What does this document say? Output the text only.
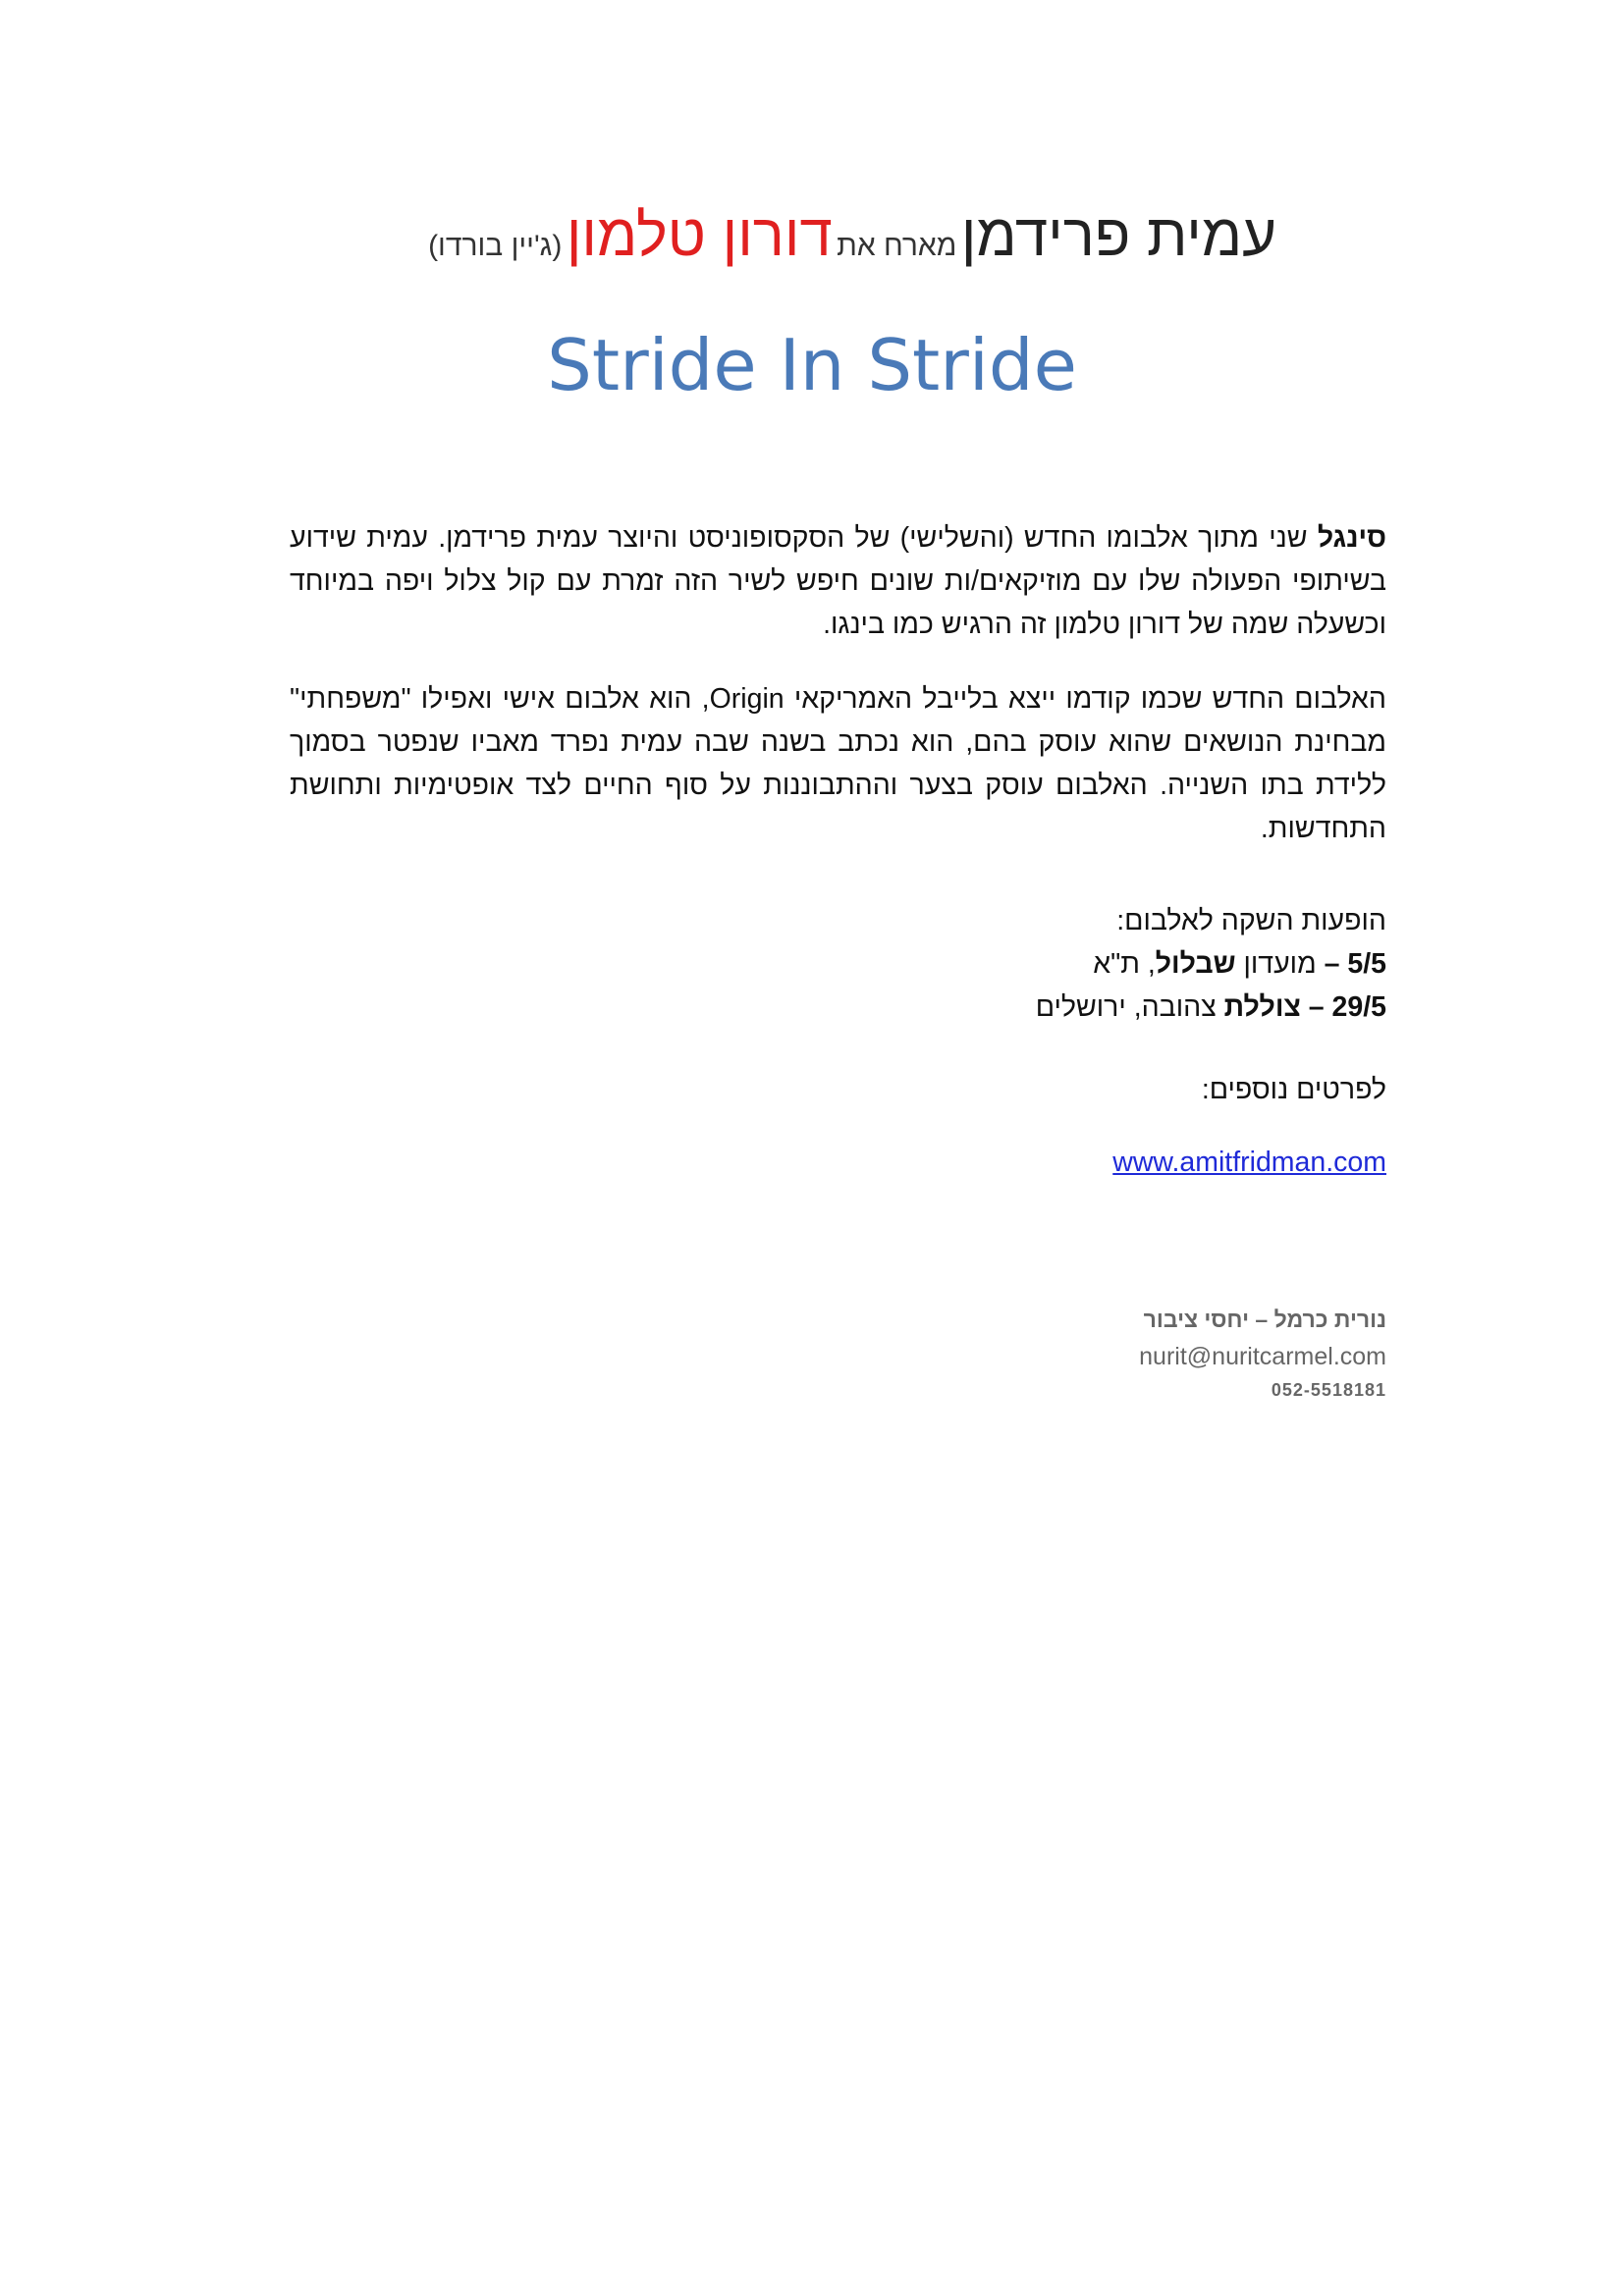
עמית פרידמן מארח את דורון טלמון (ג'יין בורדו)
Stride In Stride
סינגל שני מתוך אלבומו החדש (והשלישי) של הסקסופוניסט והיוצר עמית פרידמן. עמית שידוע בשיתופי הפעולה שלו עם מוזיקאים/ות שונים חיפש לשיר הזה זמרת עם קול צלול ויפה במיוחד וכשעלה שמה של דורון טלמון זה הרגיש כמו בינגו.
האלבום החדש שכמו קודמו ייצא בלייבל האמריקאי Origin, הוא אלבום אישי ואפילו "משפחתי" מבחינת הנושאים שהוא עוסק בהם, הוא נכתב בשנה שבה עמית נפרד מאביו שנפטר בסמוך ללידת בתו השנייה. האלבום עוסק בצער וההתבוננות על סוף החיים לצד אופטימיות ותחושת התחדשות.
הופעות השקה לאלבום:
5/5 – מועדון שבלול, ת"א
29/5 – צוללת צהובה, ירושלים
לפרטים נוספים:
www.amitfridman.com
נורית כרמל – יחסי ציבור
nurit@nuritcarmel.com
052-5518181
